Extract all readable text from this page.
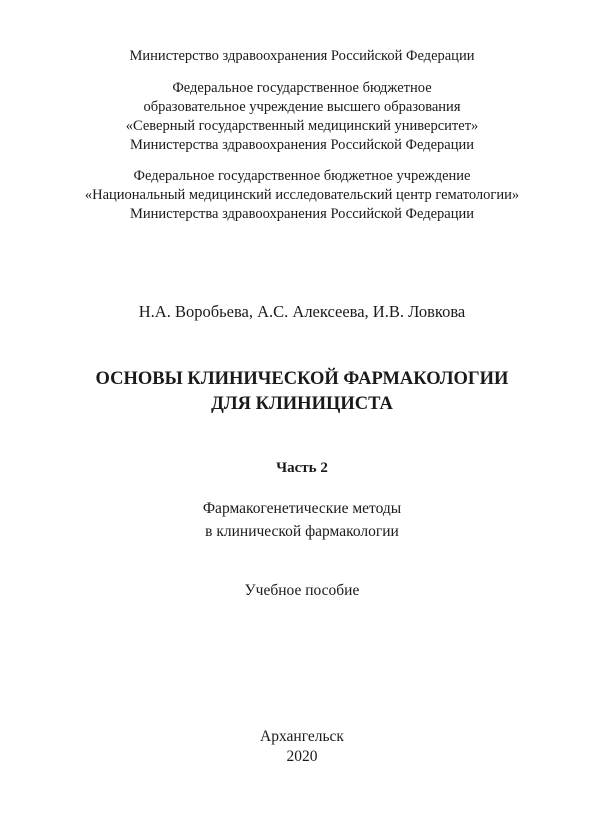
Министерство здравоохранения Российской Федерации
Федеральное государственное бюджетное
образовательное учреждение высшего образования
«Северный государственный медицинский университет»
Министерства здравоохранения Российской Федерации
Федеральное государственное бюджетное учреждение
«Национальный медицинский исследовательский центр гематологии»
Министерства здравоохранения Российской Федерации
Н.А. Воробьева, А.С. Алексеева, И.В. Ловкова
ОСНОВЫ КЛИНИЧЕСКОЙ ФАРМАКОЛОГИИ
ДЛЯ КЛИНИЦИСТА
Часть 2
Фармакогенетические методы
в клинической фармакологии
Учебное пособие
Архангельск
2020
